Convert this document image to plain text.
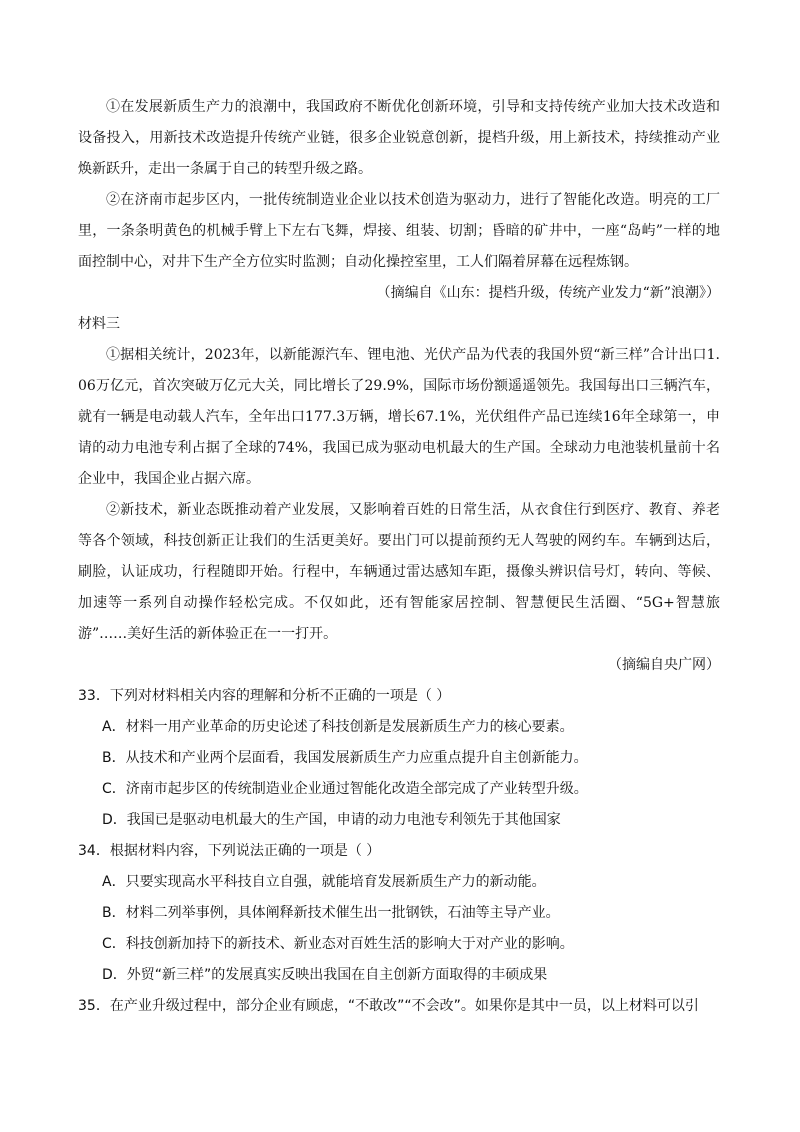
①在发展新质生产力的浪潮中，我国政府不断优化创新环境，引导和支持传统产业加大技术改造和设备投入，用新技术改造提升传统产业链，很多企业锐意创新，提档升级，用上新技术，持续推动产业焕新跃升，走出一条属于自己的转型升级之路。

②在济南市起步区内，一批传统制造业企业以技术创造为驱动力，进行了智能化改造。明亮的工厂里，一条条明黄色的机械手臂上下左右飞舞，焊接、组装、切割；昏暗的矿井中，一座“岛屿”一样的地面控制中心，对井下生产全方位实时监测；自动化操控室里，工人们隔着屏幕在远程炼钢。

（摘编自《山东：提档升级，传统产业发力“新”浪潮》）

材料三

①据相关统计，2023年，以新能源汽车、锂电池、光伏产品为代表的我国外贸“新三样”合计出口1.06万亿元，首次突破万亿元大关，同比增长了29.9%，国际市场份额遥遥领先。我国每出口三辆汽车，就有一辆是电动载人汽车，全年出口177.3万辆，增长67.1%，光伏组件产品已连续16年全球第一，申请的动力电池专利占据了全球的74%，我国已成为驱动电机最大的生产国。全球动力电池装机量前十名企业中，我国企业占据六席。

②新技术，新业态既推动着产业发展，又影响着百姓的日常生活，从衣食住行到医疗、教育、养老等各个领域，科技创新正让我们的生活更美好。要出门可以提前预约无人驾驶的网约车。车辆到达后，刷脸，认证成功，行程随即开始。行程中，车辆通过雷达感知车距，摄像头辨识信号灯，转向、等候、加速等一系列自动操作轻松完成。不仅如此，还有智能家居控制、智慧便民生活圈、“5G+智慧旅游”……美好生活的新体验正在一一打开。

（摘编自央广网）

33．下列对材料相关内容的理解和分析不正确的一项是（ ）

A．材料一用产业革命的历史论述了科技创新是发展新质生产力的核心要素。

B．从技术和产业两个层面看，我国发展新质生产力应重点提升自主创新能力。

C．济南市起步区的传统制造业企业通过智能化改造全部完成了产业转型升级。

D．我国已是驱动电机最大的生产国，申请的动力电池专利领先于其他国家

34．根据材料内容，下列说法正确的一项是（ ）

A．只要实现高水平科技自立自强，就能培育发展新质生产力的新动能。

B．材料二列举事例，具体阐释新技术催生出一批钢铁，石油等主导产业。

C．科技创新加持下的新技术、新业态对百姓生活的影响大于对产业的影响。

D．外贸“新三样”的发展真实反映出我国在自主创新方面取得的丰硕成果

35．在产业升级过程中，部分企业有顾虑，“不敢改”“不会改”。如果你是其中一员，以上材料可以引
